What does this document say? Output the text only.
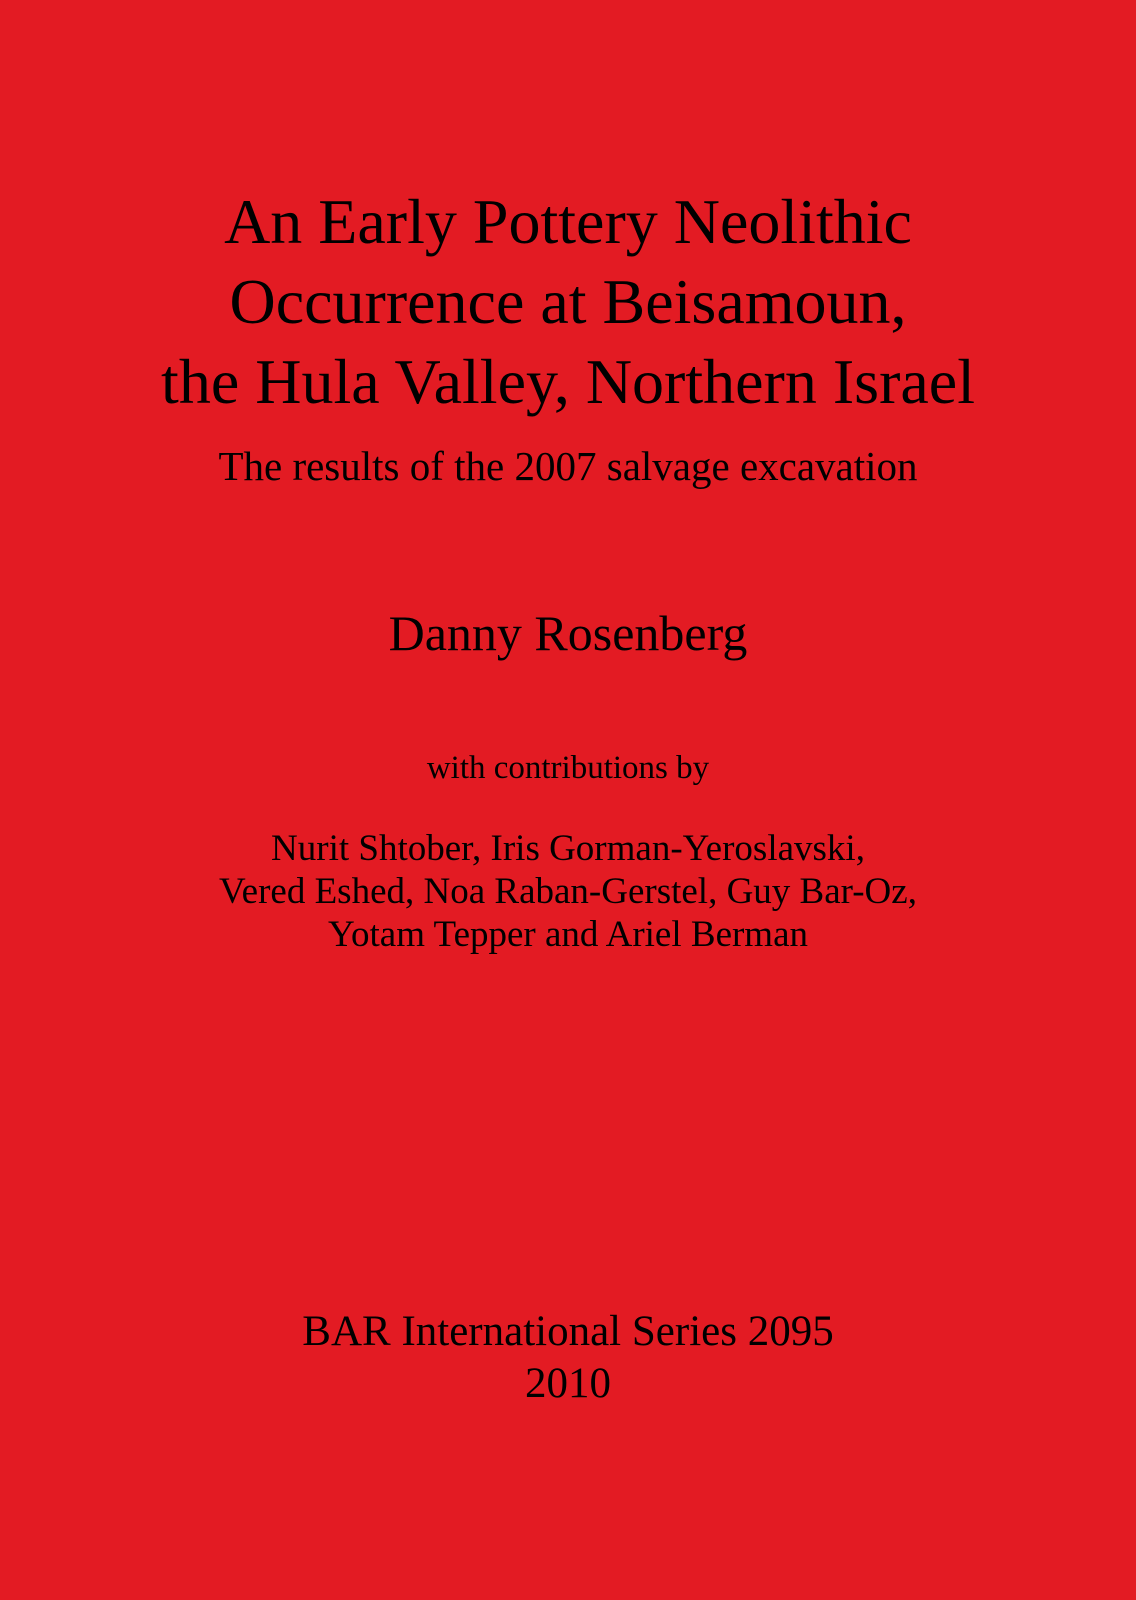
An Early Pottery Neolithic
Occurrence at Beisamoun,
the Hula Valley, Northern Israel
The results of the 2007 salvage excavation
Danny Rosenberg
with contributions by
Nurit Shtober, Iris Gorman-Yeroslavski,
Vered Eshed, Noa Raban-Gerstel, Guy Bar-Oz,
Yotam Tepper and Ariel Berman
BAR International Series 2095
2010
